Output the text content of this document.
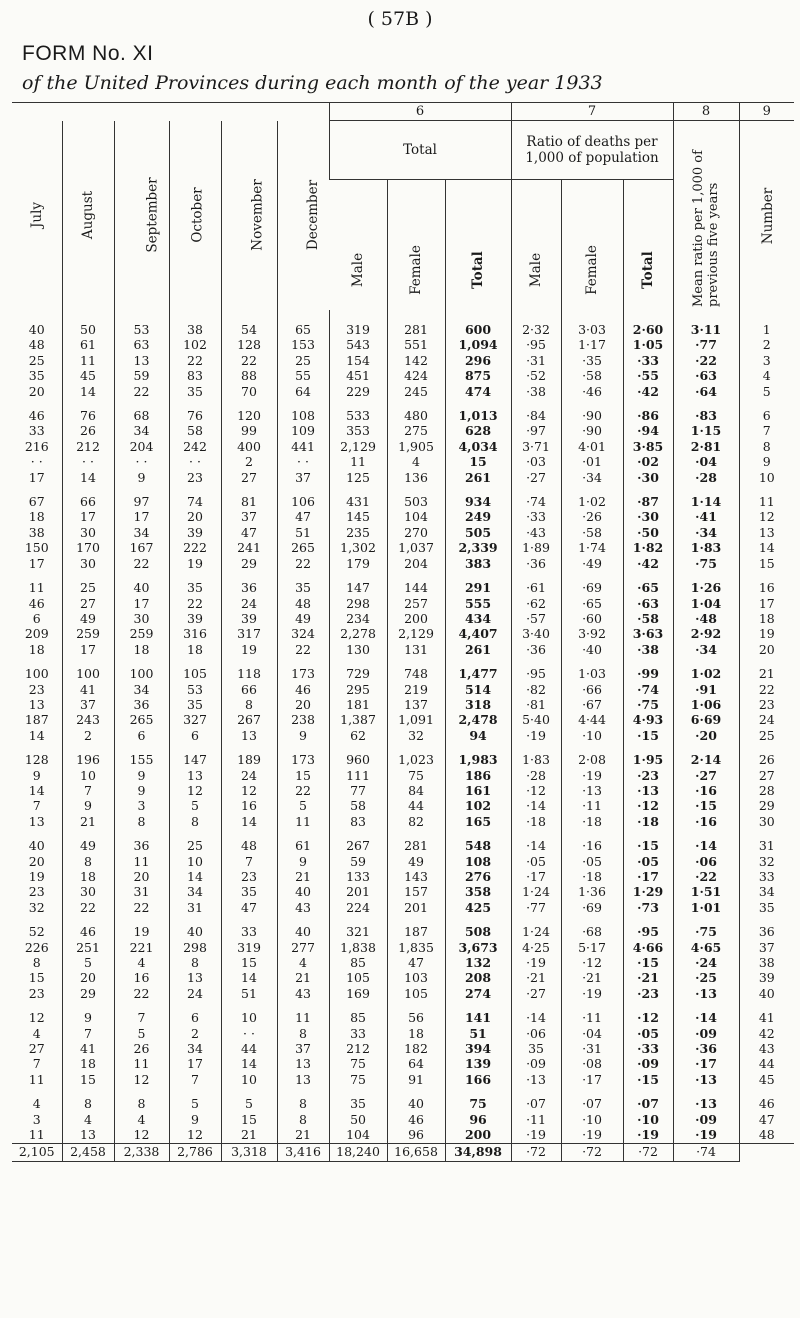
( 57B )
FORM No. XI
of the United Provinces during each month of the year 1933
						6			7			8	9
July	August	September	October	November	December	Total			Ratio of deaths per 1,000 of population			Mean ratio per 1,000 of previous five years	Number

						Male	Female	Total	Male	Female	Total		
40	50	53	38	54	65	319	281	600	2·32	3·03	2·60	3·11	1
48	61	63	102	128	153	543	551	1,094	·95	1·17	1·05	·77	2
25	11	13	22	22	25	154	142	296	·31	·35	·33	·22	3
35	45	59	83	88	55	451	424	875	·52	·58	·55	·63	4
20	14	22	35	70	64	229	245	474	·38	·46	·42	·64	5

46	76	68	76	120	108	533	480	1,013	·84	·90	·86	·83	6
33	26	34	58	99	109	353	275	628	·97	·90	·94	1·15	7
216	212	204	242	400	441	2,129	1,905	4,034	3·71	4·01	3·85	2·81	8
· ·	· ·	· ·	· ·	2	· ·	11	4	15	·03	·01	·02	·04	9
17	14	9	23	27	37	125	136	261	·27	·34	·30	·28	10

67	66	97	74	81	106	431	503	934	·74	1·02	·87	1·14	11
18	17	17	20	37	47	145	104	249	·33	·26	·30	·41	12
38	30	34	39	47	51	235	270	505	·43	·58	·50	·34	13
150	170	167	222	241	265	1,302	1,037	2,339	1·89	1·74	1·82	1·83	14
17	30	22	19	29	22	179	204	383	·36	·49	·42	·75	15

11	25	40	35	36	35	147	144	291	·61	·69	·65	1·26	16
46	27	17	22	24	48	298	257	555	·62	·65	·63	1·04	17
6	49	30	39	39	49	234	200	434	·57	·60	·58	·48	18
209	259	259	316	317	324	2,278	2,129	4,407	3·40	3·92	3·63	2·92	19
18	17	18	18	19	22	130	131	261	·36	·40	·38	·34	20

100	100	100	105	118	173	729	748	1,477	·95	1·03	·99	1·02	21
23	41	34	53	66	46	295	219	514	·82	·66	·74	·91	22
13	37	36	35	8	20	181	137	318	·81	·67	·75	1·06	23
187	243	265	327	267	238	1,387	1,091	2,478	5·40	4·44	4·93	6·69	24
14	2	6	6	13	9	62	32	94	·19	·10	·15	·20	25

128	196	155	147	189	173	960	1,023	1,983	1·83	2·08	1·95	2·14	26
9	10	9	13	24	15	111	75	186	·28	·19	·23	·27	27
14	7	9	12	12	22	77	84	161	·12	·13	·13	·16	28
7	9	3	5	16	5	58	44	102	·14	·11	·12	·15	29
13	21	8	8	14	11	83	82	165	·18	·18	·18	·16	30

40	49	36	25	48	61	267	281	548	·14	·16	·15	·14	31
20	8	11	10	7	9	59	49	108	·05	·05	·05	·06	32
19	18	20	14	23	21	133	143	276	·17	·18	·17	·22	33
23	30	31	34	35	40	201	157	358	1·24	1·36	1·29	1·51	34
32	22	22	31	47	43	224	201	425	·77	·69	·73	1·01	35

52	46	19	40	33	40	321	187	508	1·24	·68	·95	·75	36
226	251	221	298	319	277	1,838	1,835	3,673	4·25	5·17	4·66	4·65	37
8	5	4	8	15	4	85	47	132	·19	·12	·15	·24	38
15	20	16	13	14	21	105	103	208	·21	·21	·21	·25	39
23	29	22	24	51	43	169	105	274	·27	·19	·23	·13	40

12	9	7	6	10	11	85	56	141	·14	·11	·12	·14	41
4	7	5	2	· ·	8	33	18	51	·06	·04	·05	·09	42
27	41	26	34	44	37	212	182	394	35	·31	·33	·36	43
7	18	11	17	14	13	75	64	139	·09	·08	·09	·17	44
11	15	12	7	10	13	75	91	166	·13	·17	·15	·13	45

4	8	8	5	5	8	35	40	75	·07	·07	·07	·13	46
3	4	4	9	15	8	50	46	96	·11	·10	·10	·09	47
11	13	12	12	21	21	104	96	200	·19	·19	·19	·19	48
2,105	2,458	2,338	2,786	3,318	3,416	18,240	16,658	34,898	·72	·72	·72	·74	
